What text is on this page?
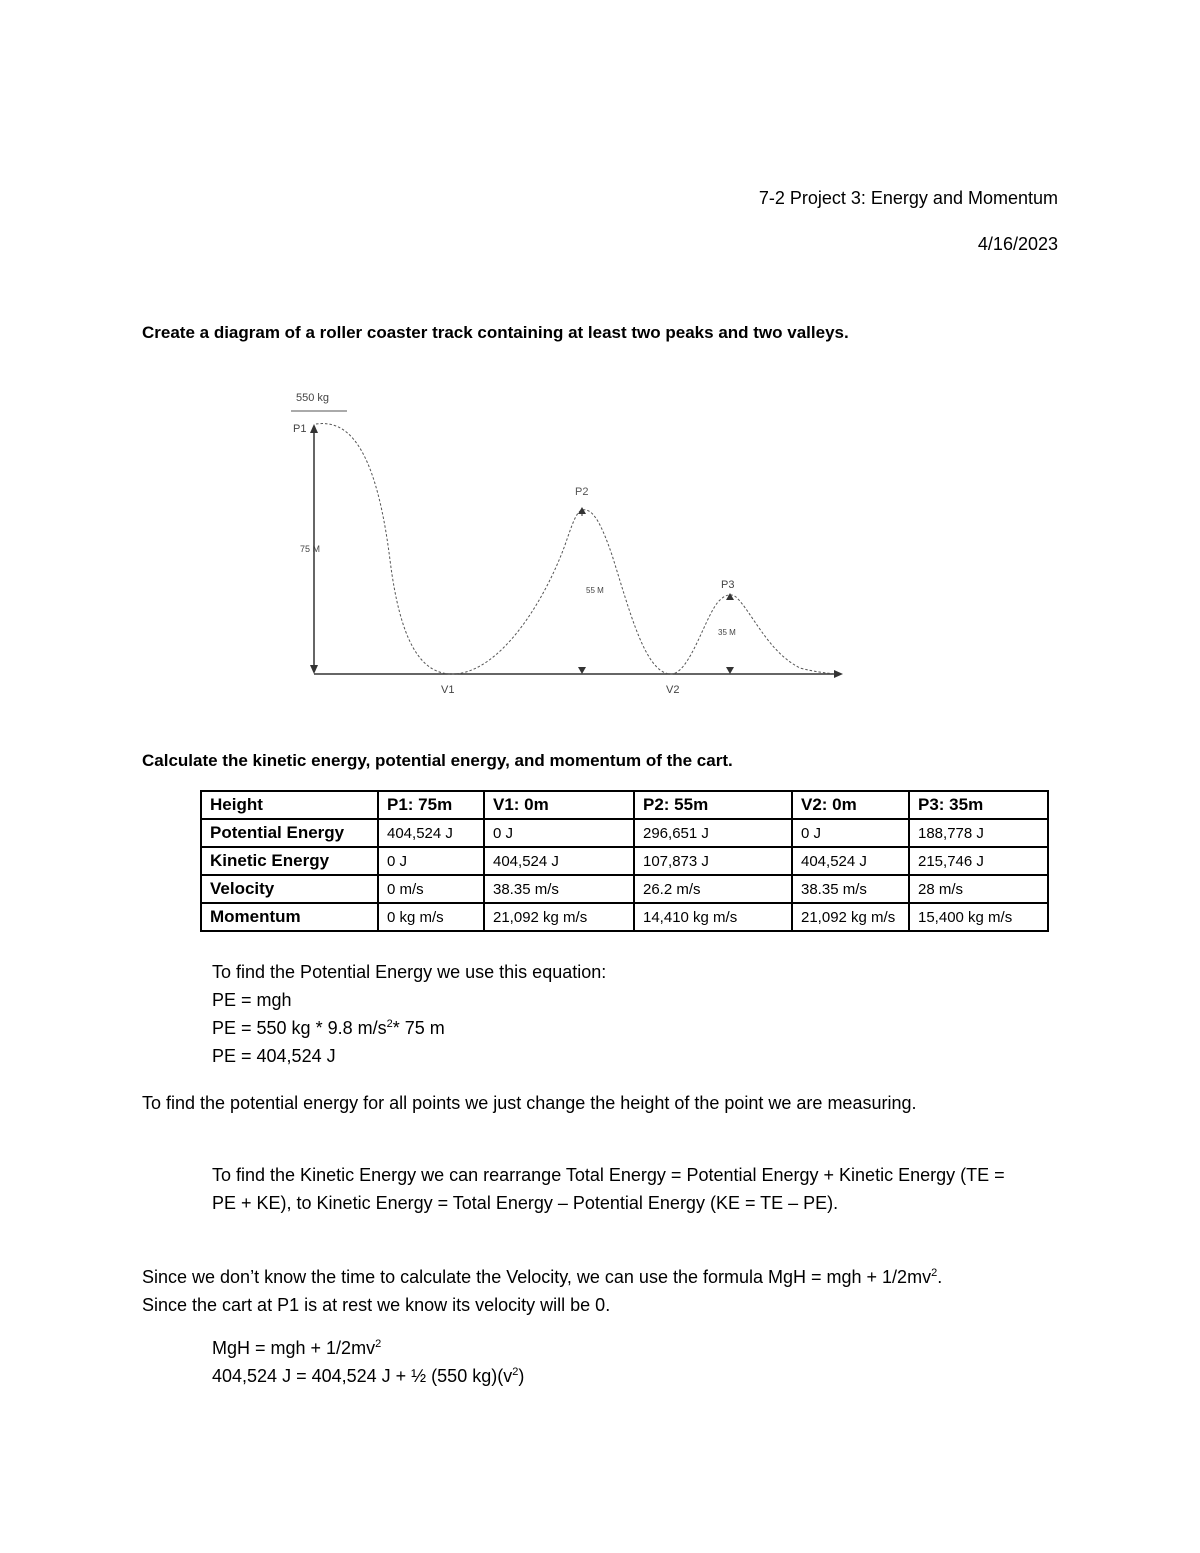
7-2 Project 3: Energy and Momentum
4/16/2023
Create a diagram of a roller coaster track containing at least two peaks and two valleys.
550 kg
P1
75 M
P2
55 M	P3
35 M
V1	V2
Calculate the kinetic energy, potential energy, and momentum of the cart.
Height	P1: 75m	V1: 0m	P2: 55m	V2: 0m	P3: 35m
Potential Energy	404,524 J	0 J	296,651 J	0 J	188,778 J
Kinetic Energy	0 J	404,524 J	107,873 J	404,524 J	215,746 J
Velocity	0 m/s	38.35 m/s	26.2 m/s	38.35 m/s	28 m/s
Momentum	0 kg m/s	21,092 kg m/s	14,410 kg m/s	21,092 kg m/s	15,400 kg m/s
To find the Potential Energy we use this equation:
PE = mgh
PE = 550 kg * 9.8 $m/s^2*$ 75 m
PE = 404,524 J
To find the potential energy for all points we just change the height of the point we are measuring.
To find the Kinetic Energy we can rearrange Total Energy = Potential Energy + Kinetic Energy (TE =
PE + KE), to Kinetic Energy = Total Energy – Potential Energy (KE = TE – PE).
Since we don’t know the time to calculate the Velocity, we can use the formula MgH = mgh + $1/2mv^2$.
Since the cart at P1 is at rest we know its velocity will be 0.
MgH = mgh + $1/2mv^2$
404,524 J = 404,524 J + ½ (550 $kg)(v^2)$
